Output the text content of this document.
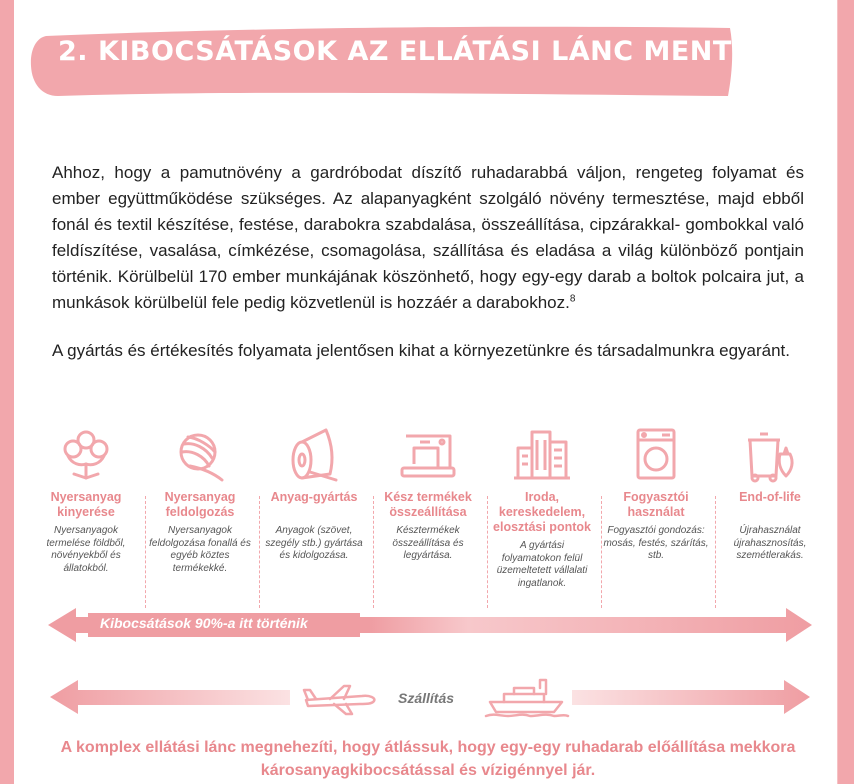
2. KIBOCSÁTÁSOK AZ ELLÁTÁSI LÁNC MENTÉN$^7$

Ahhoz, hogy a pamutnövény a gardróbodat díszítő ruhadarabbá váljon, rengeteg folyamat és ember együttműködése szükséges. Az alapanyagként szolgáló növény termesztése, majd ebből fonál és textil készítése, festése, darabokra szabdalása, összeállítása, cipzárakkal- gombokkal való feldíszítése, vasalása, címkézése, csomagolása, szállítása és eladása a világ különböző pontjain történik. Körülbelül 170 ember munkájának köszönhető, hogy egy-egy darab a boltok polcaira jut, a munkások körülbelül fele pedig közvetlenül is hozzáér a darabokhoz.$^8$

A gyártás és értékesítés folyamata jelentősen kihat a környezetünkre és társadalmunkra egyaránt.

Nyersanyag kinyerése
Nyersanyagok termelése földből, növényekből és állatokból.
Nyersanyag feldolgozás
Nyersanyagok feldolgozása fonallá és egyéb köztes termékekké.
Anyag-gyártás
Anyagok (szövet, szegély stb.) gyártása és kidolgozása.
Kész termékek összeállítása
Késztermékek összeállítása és legyártása.
Iroda, kereskedelem, elosztási pontok
A gyártási folyamatokon felül üzemeltetett vállalati ingatlanok.
Fogyasztói használat
Fogyasztói gondozás: mosás, festés, szárítás, stb.
End-of-life
Újrahasználat újrahasznosítás, szemétlerakás.
Kibocsátások 90%-a itt történik
Szállítás
A komplex ellátási lánc megnehezíti, hogy átlássuk, hogy egy-egy ruhadarab előállítása mekkora károsanyagkibocsátással és vízigénnyel jár.
